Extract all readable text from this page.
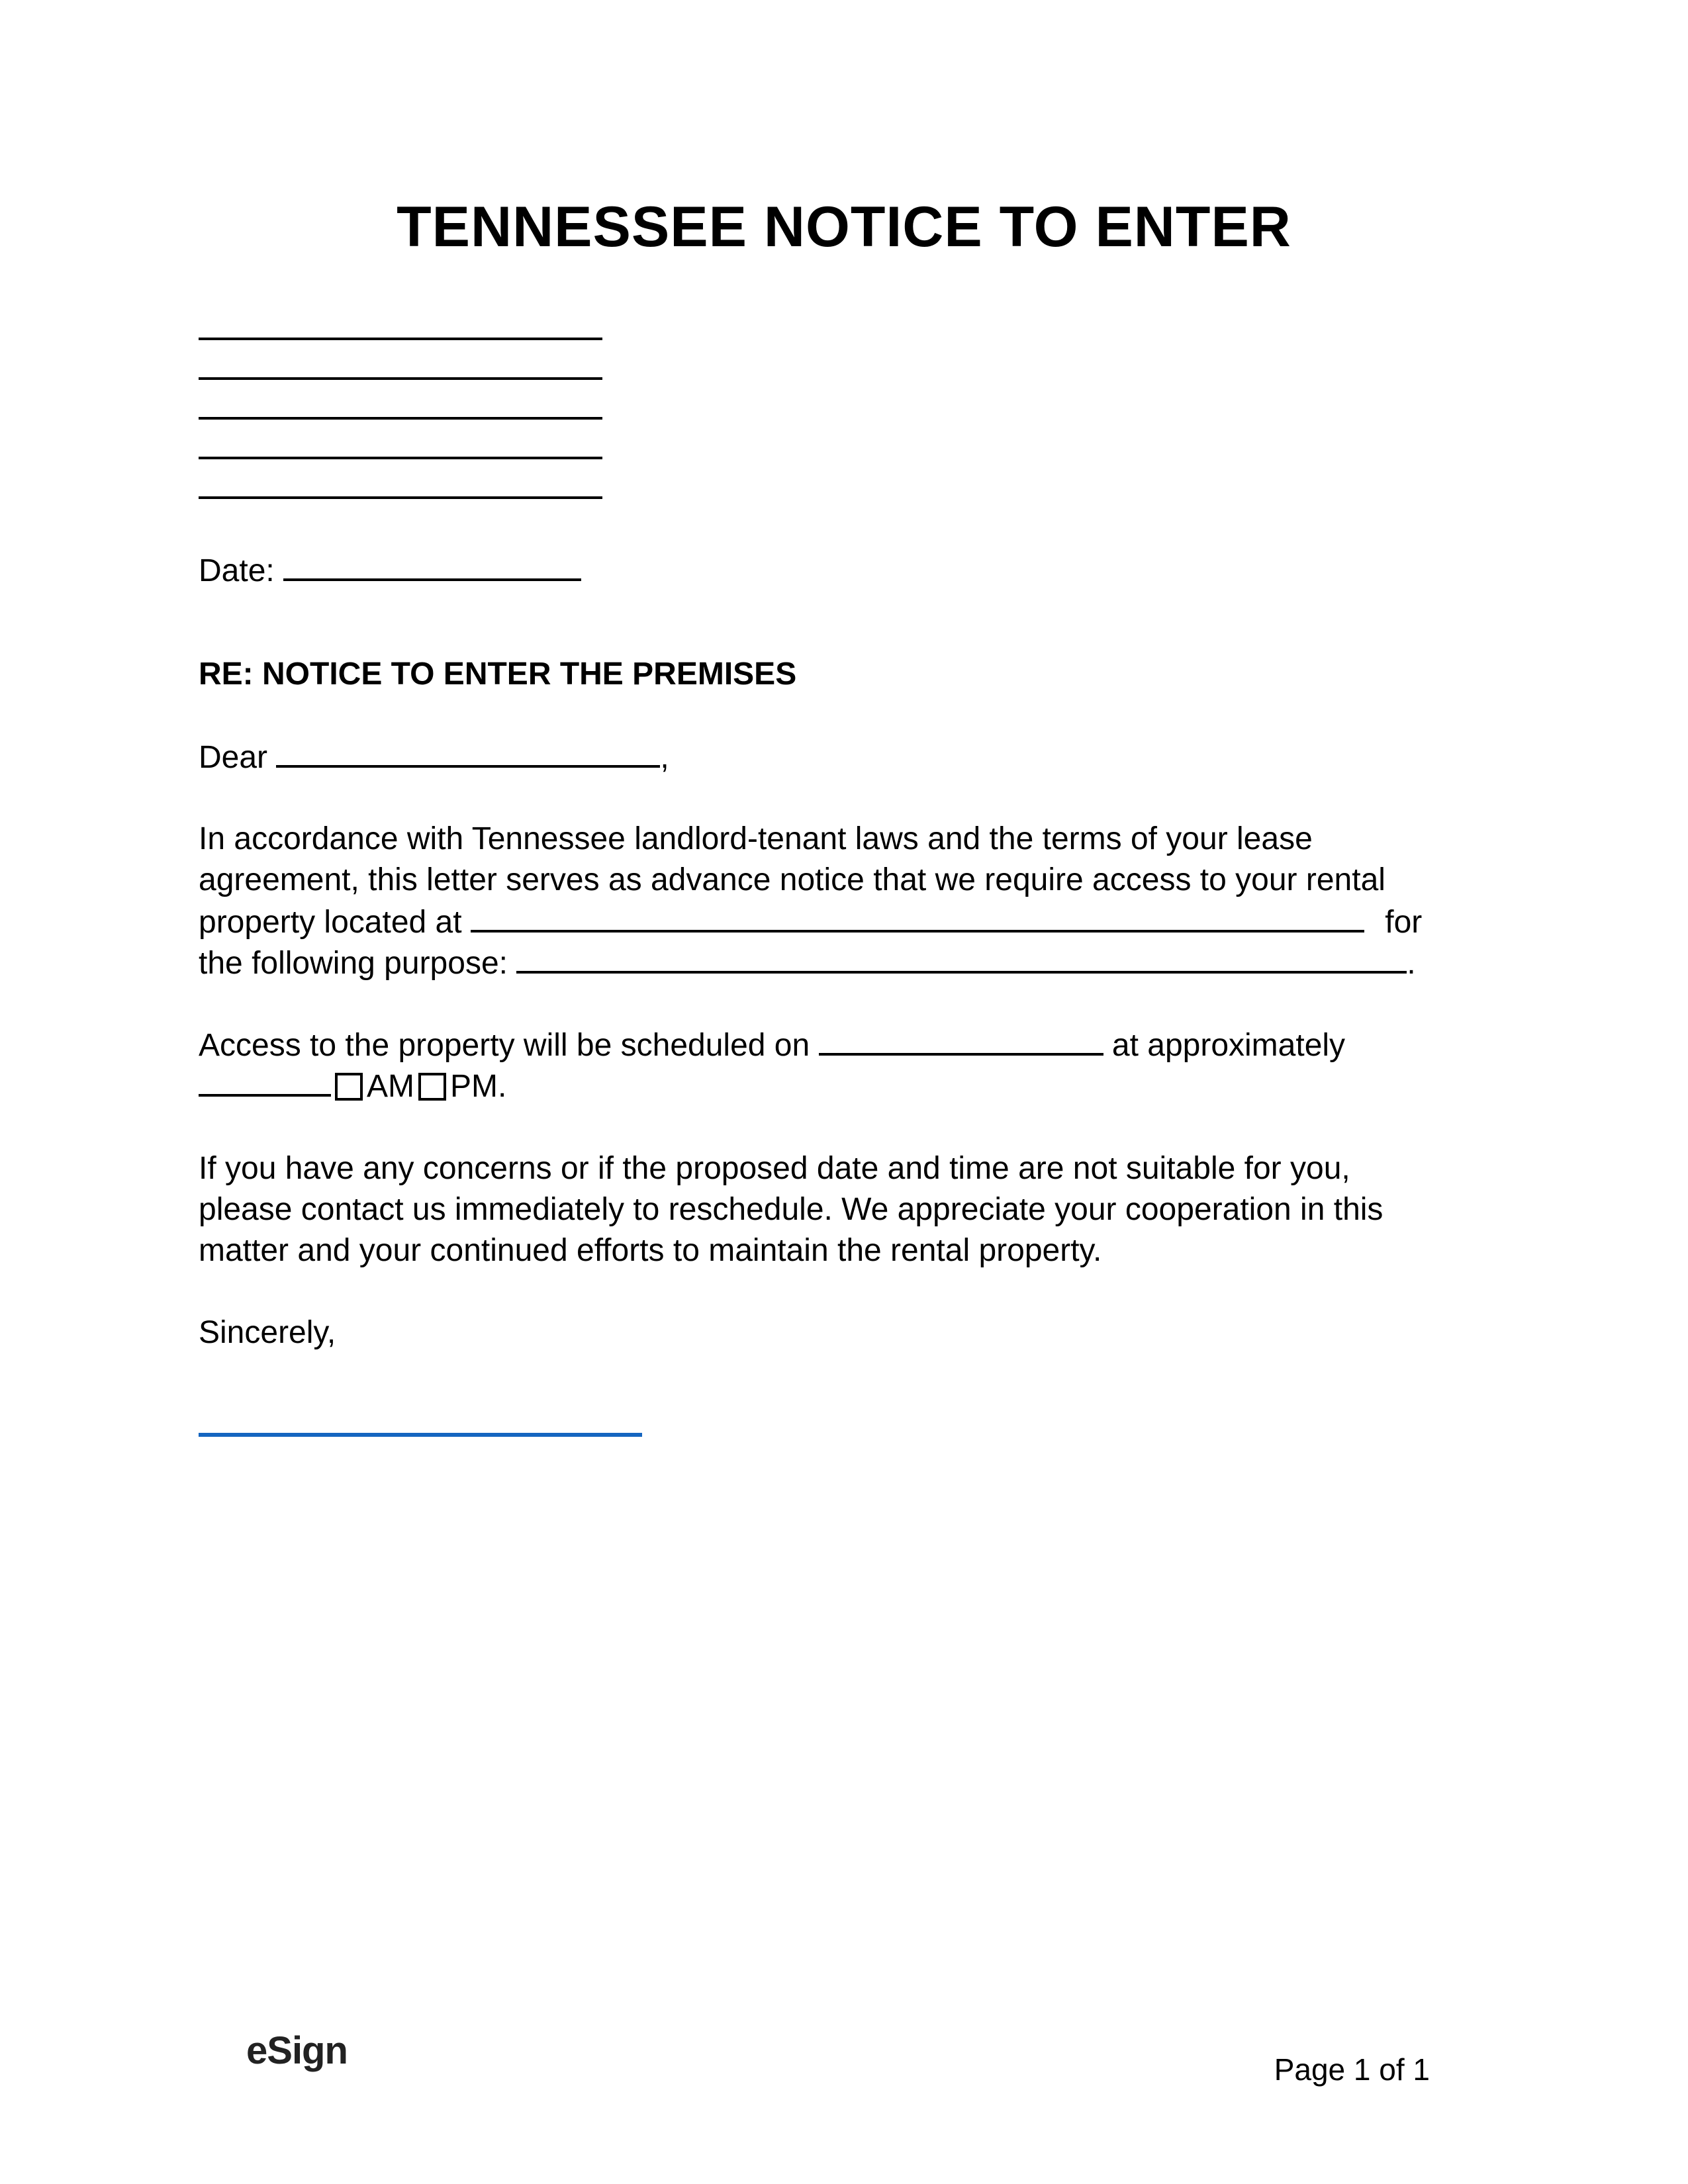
TENNESSEE NOTICE TO ENTER
Date:
RE: NOTICE TO ENTER THE PREMISES
Dear	,
In accordance with Tennessee landlord-tenant laws and the terms of your lease
agreement, this letter serves as advance notice that we require access to your rental
property located at	for
the following purpose:	.
Access to the property will be scheduled on	at approximately
AM PM.
If you have any concerns or if the proposed date and time are not suitable for you,
please contact us immediately to reschedule. We appreciate your cooperation in this
matter and your continued efforts to maintain the rental property.
Sincerely,
eSign	Page 1 of 1
